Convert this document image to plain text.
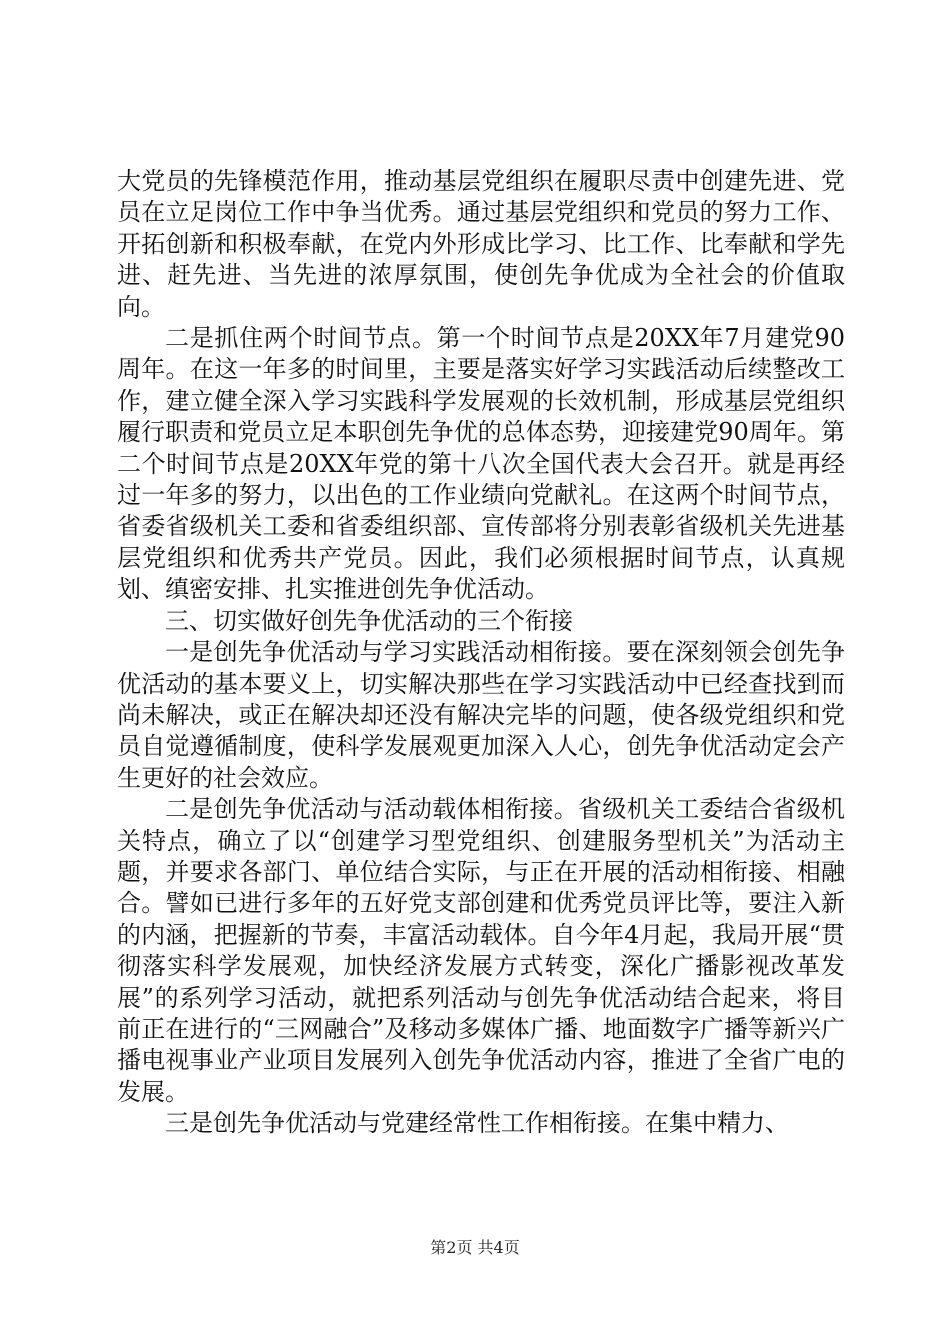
大党员的先锋模范作用，推动基层党组织在履职尽责中创建先进、党员在立足岗位工作中争当优秀。通过基层党组织和党员的努力工作、开拓创新和积极奉献，在党内外形成比学习、比工作、比奉献和学先进、赶先进、当先进的浓厚氛围，使创先争优成为全社会的价值取向。

二是抓住两个时间节点。第一个时间节点是20XX年7月建党90周年。在这一年多的时间里，主要是落实好学习实践活动后续整改工作，建立健全深入学习实践科学发展观的长效机制，形成基层党组织履行职责和党员立足本职创先争优的总体态势，迎接建党90周年。第二个时间节点是20XX年党的第十八次全国代表大会召开。就是再经过一年多的努力，以出色的工作业绩向党献礼。在这两个时间节点，省委省级机关工委和省委组织部、宣传部将分别表彰省级机关先进基层党组织和优秀共产党员。因此，我们必须根据时间节点，认真规划、缜密安排、扎实推进创先争优活动。

三、切实做好创先争优活动的三个衔接

一是创先争优活动与学习实践活动相衔接。要在深刻领会创先争优活动的基本要义上，切实解决那些在学习实践活动中已经查找到而尚未解决，或正在解决却还没有解决完毕的问题，使各级党组织和党员自觉遵循制度，使科学发展观更加深入人心，创先争优活动定会产生更好的社会效应。

二是创先争优活动与活动载体相衔接。省级机关工委结合省级机关特点，确立了以“创建学习型党组织、创建服务型机关”为活动主题，并要求各部门、单位结合实际，与正在开展的活动相衔接、相融合。譬如已进行多年的五好党支部创建和优秀党员评比等，要注入新的内涵，把握新的节奏，丰富活动载体。自今年4月起，我局开展“贯彻落实科学发展观，加快经济发展方式转变，深化广播影视改革发展”的系列学习活动，就把系列活动与创先争优活动结合起来，将目前正在进行的“三网融合”及移动多媒体广播、地面数字广播等新兴广播电视事业产业项目发展列入创先争优活动内容，推进了全省广电的发展。

三是创先争优活动与党建经常性工作相衔接。在集中精力、

第2页 共4页
